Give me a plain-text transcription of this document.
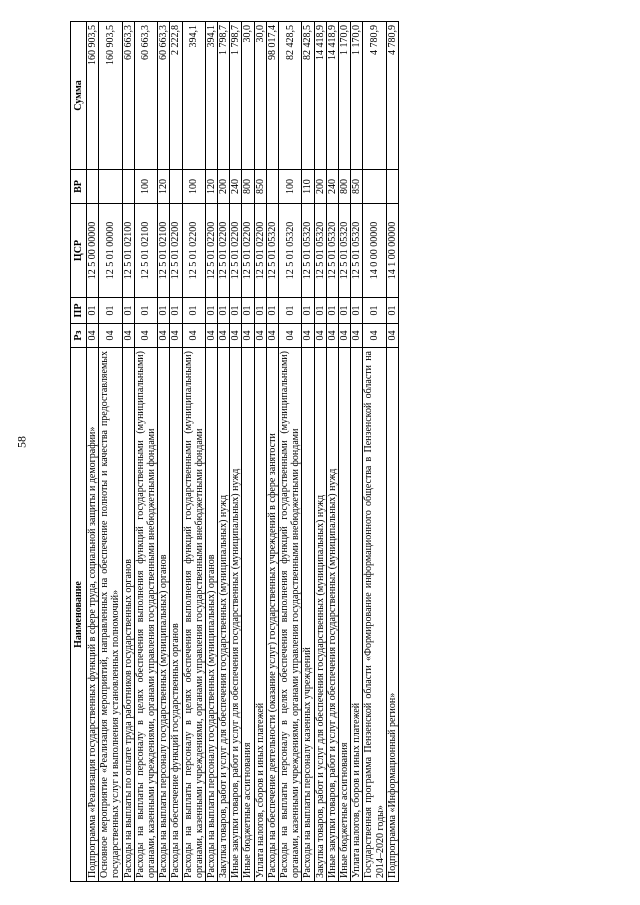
58
Наименование	Рз	ПР	ЦСР	ВР	Сумма
Подпрограмма «Реализация государственных функций в сфере труда, социальной защиты и демографии»	04	01	12 5 00 00000		160 903,5
Основное мероприятие «Реализация мероприятий, направленных на обеспечение полноты и качества предоставляемых государственных услуг и выполнения установленных полномочий»	04	01	12 5 01 00000		160 903,5
Расходы на выплаты по оплате труда работников государственных органов	04	01	12 5 01 02100		60 663,3
Расходы на выплаты персоналу в целях обеспечения выполнения функций государственными (муниципальными) органами, казенными учреждениями, органами управления государственными внебюджетными фондами	04	01	12 5 01 02100	100	60 663,3
Расходы на выплаты персоналу государственных (муниципальных) органов	04	01	12 5 01 02100	120	60 663,3
Расходы на обеспечение функций государственных органов	04	01	12 5 01 02200		2 222,8
Расходы на выплаты персоналу в целях обеспечения выполнения функций государственными (муниципальными) органами, казенными учреждениями, органами управления государственными внебюджетными фондами	04	01	12 5 01 02200	100	394,1
Расходы на выплаты персоналу государственных (муниципальных) органов	04	01	12 5 01 02200	120	394,1
Закупка товаров, работ и услуг для обеспечения государственных (муниципальных) нужд	04	01	12 5 01 02200	200	1 798,7
Иные закупки товаров, работ и услуг для обеспечения государственных (муниципальных) нужд	04	01	12 5 01 02200	240	1 798,7
Иные бюджетные ассигнования	04	01	12 5 01 02200	800	30,0
Уплата налогов, сборов и иных платежей	04	01	12 5 01 02200	850	30,0
Расходы на обеспечение деятельности (оказание услуг) государственных учреждений в сфере занятости	04	01	12 5 01 05320		98 017,4
Расходы на выплаты персоналу в целях обеспечения выполнения функций государственными (муниципальными) органами, казенными учреждениями, органами управления государственными внебюджетными фондами	04	01	12 5 01 05320	100	82 428,5
Расходы на выплаты персоналу казенных учреждений	04	01	12 5 01 05320	110	82 428,5
Закупка товаров, работ и услуг для обеспечения государственных (муниципальных) нужд	04	01	12 5 01 05320	200	14 418,9
Иные закупки товаров, работ и услуг для обеспечения государственных (муниципальных) нужд	04	01	12 5 01 05320	240	14 418,9
Иные бюджетные ассигнования	04	01	12 5 01 05320	800	1 170,0
Уплата налогов, сборов и иных платежей	04	01	12 5 01 05320	850	1 170,0
Государственная программа Пензенской области «Формирование информационного общества в Пензенской области на 2014–2020 годы»	04	01	14 0 00 00000		4 780,9
Подпрограмма «Информационный регион»	04	01	14 1 00 00000		4 780,9
